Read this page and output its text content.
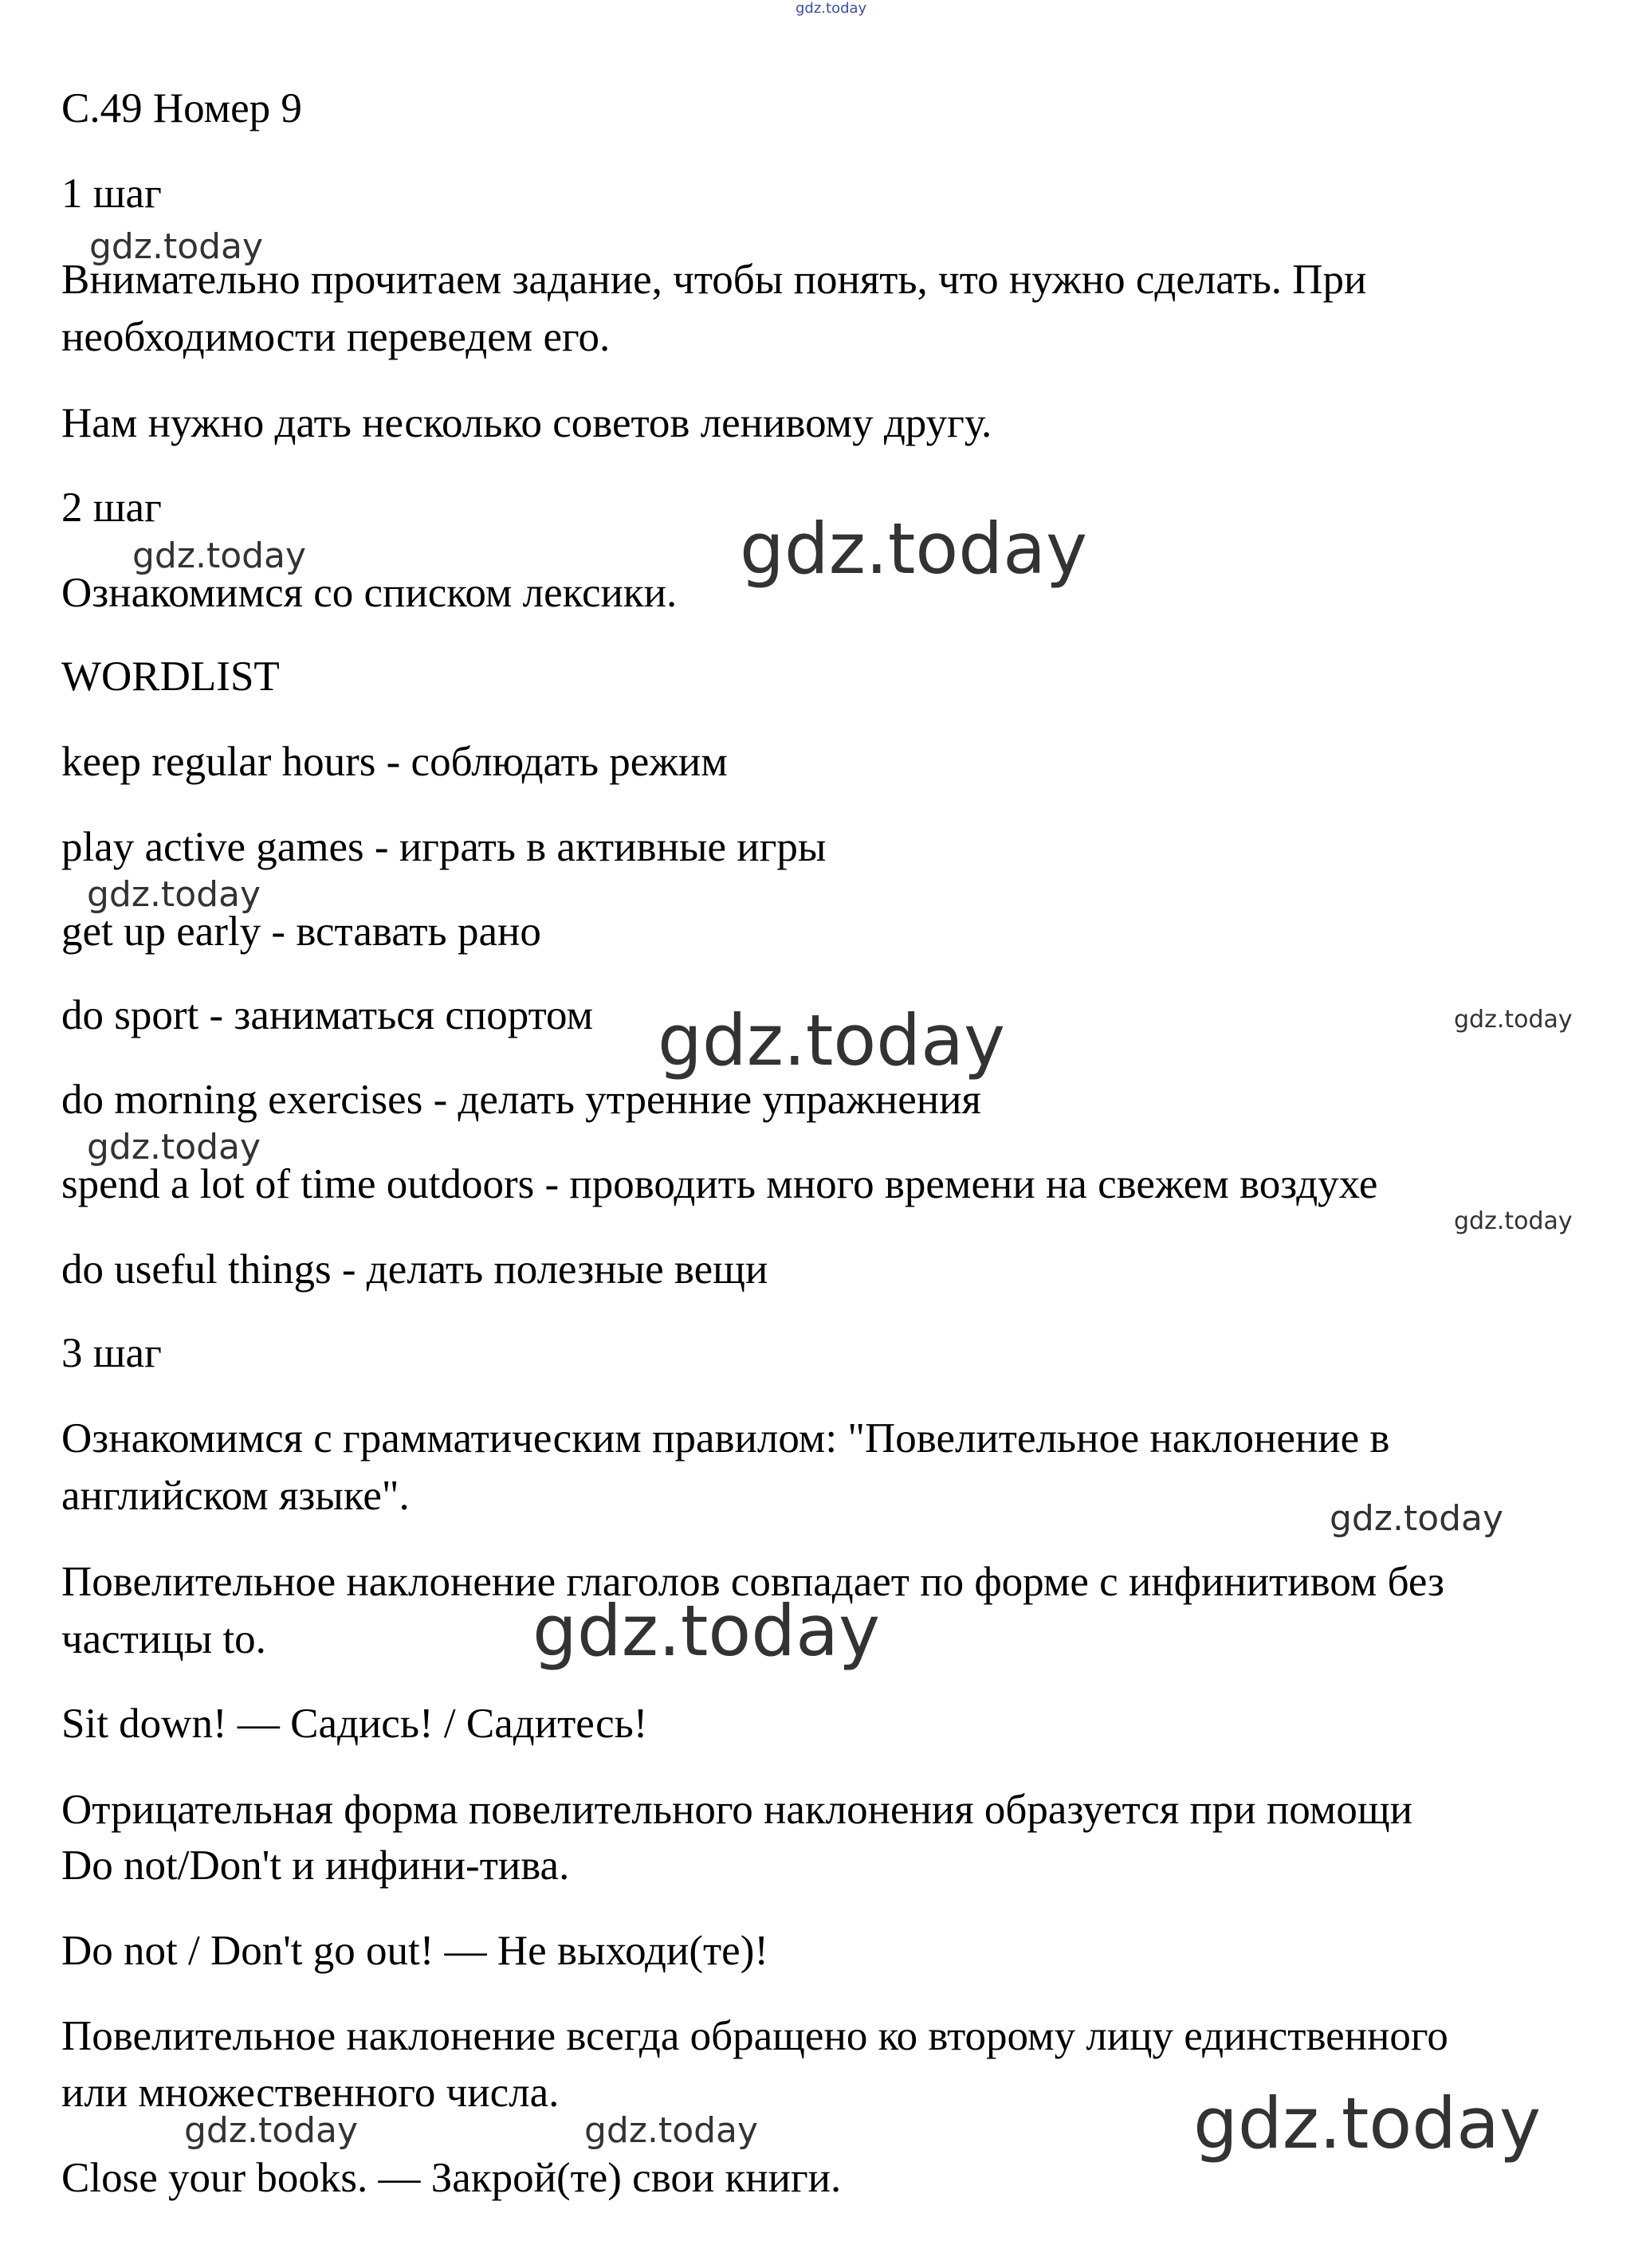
gdz.today
gdz.today
gdz.today	gdz.today
gdz.today
gdz.today
gdz.today
gdz.today
gdz.today
gdz.today
gdz.today
gdz.today	gdz.today	gdz.today
С.49 Номер 9

1 шаг

Внимательно прочитаем задание, чтобы понять, что нужно сделать. При

необходимости переведем его.

Нам нужно дать несколько советов ленивому другу.

2 шаг

Ознакомимся со списком лексики.

WORDLIST

keep regular hours - соблюдать режим

play active games - играть в активные игры

get up early - вставать рано

do sport - заниматься спортом

do morning exercises - делать утренние упражнения

spend a lot of time outdoors - проводить много времени на свежем воздухе

do useful things - делать полезные вещи

3 шаг

Ознакомимся с грамматическим правилом: "Повелительное наклонение в

английском языке".

Повелительное наклонение глаголов совпадает по форме с инфинитивом без

частицы to.

Sit down! — Садись! / Садитесь!

Отрицательная форма повелительного наклонения образуется при помощи

Do not/Don't и инфини-тива.

Do not / Don't go out! — Не выходи(те)!

Повелительное наклонение всегда обращено ко второму лицу единственного

или множественного числа.

Close your books. — Закрой(те) свои книги.
